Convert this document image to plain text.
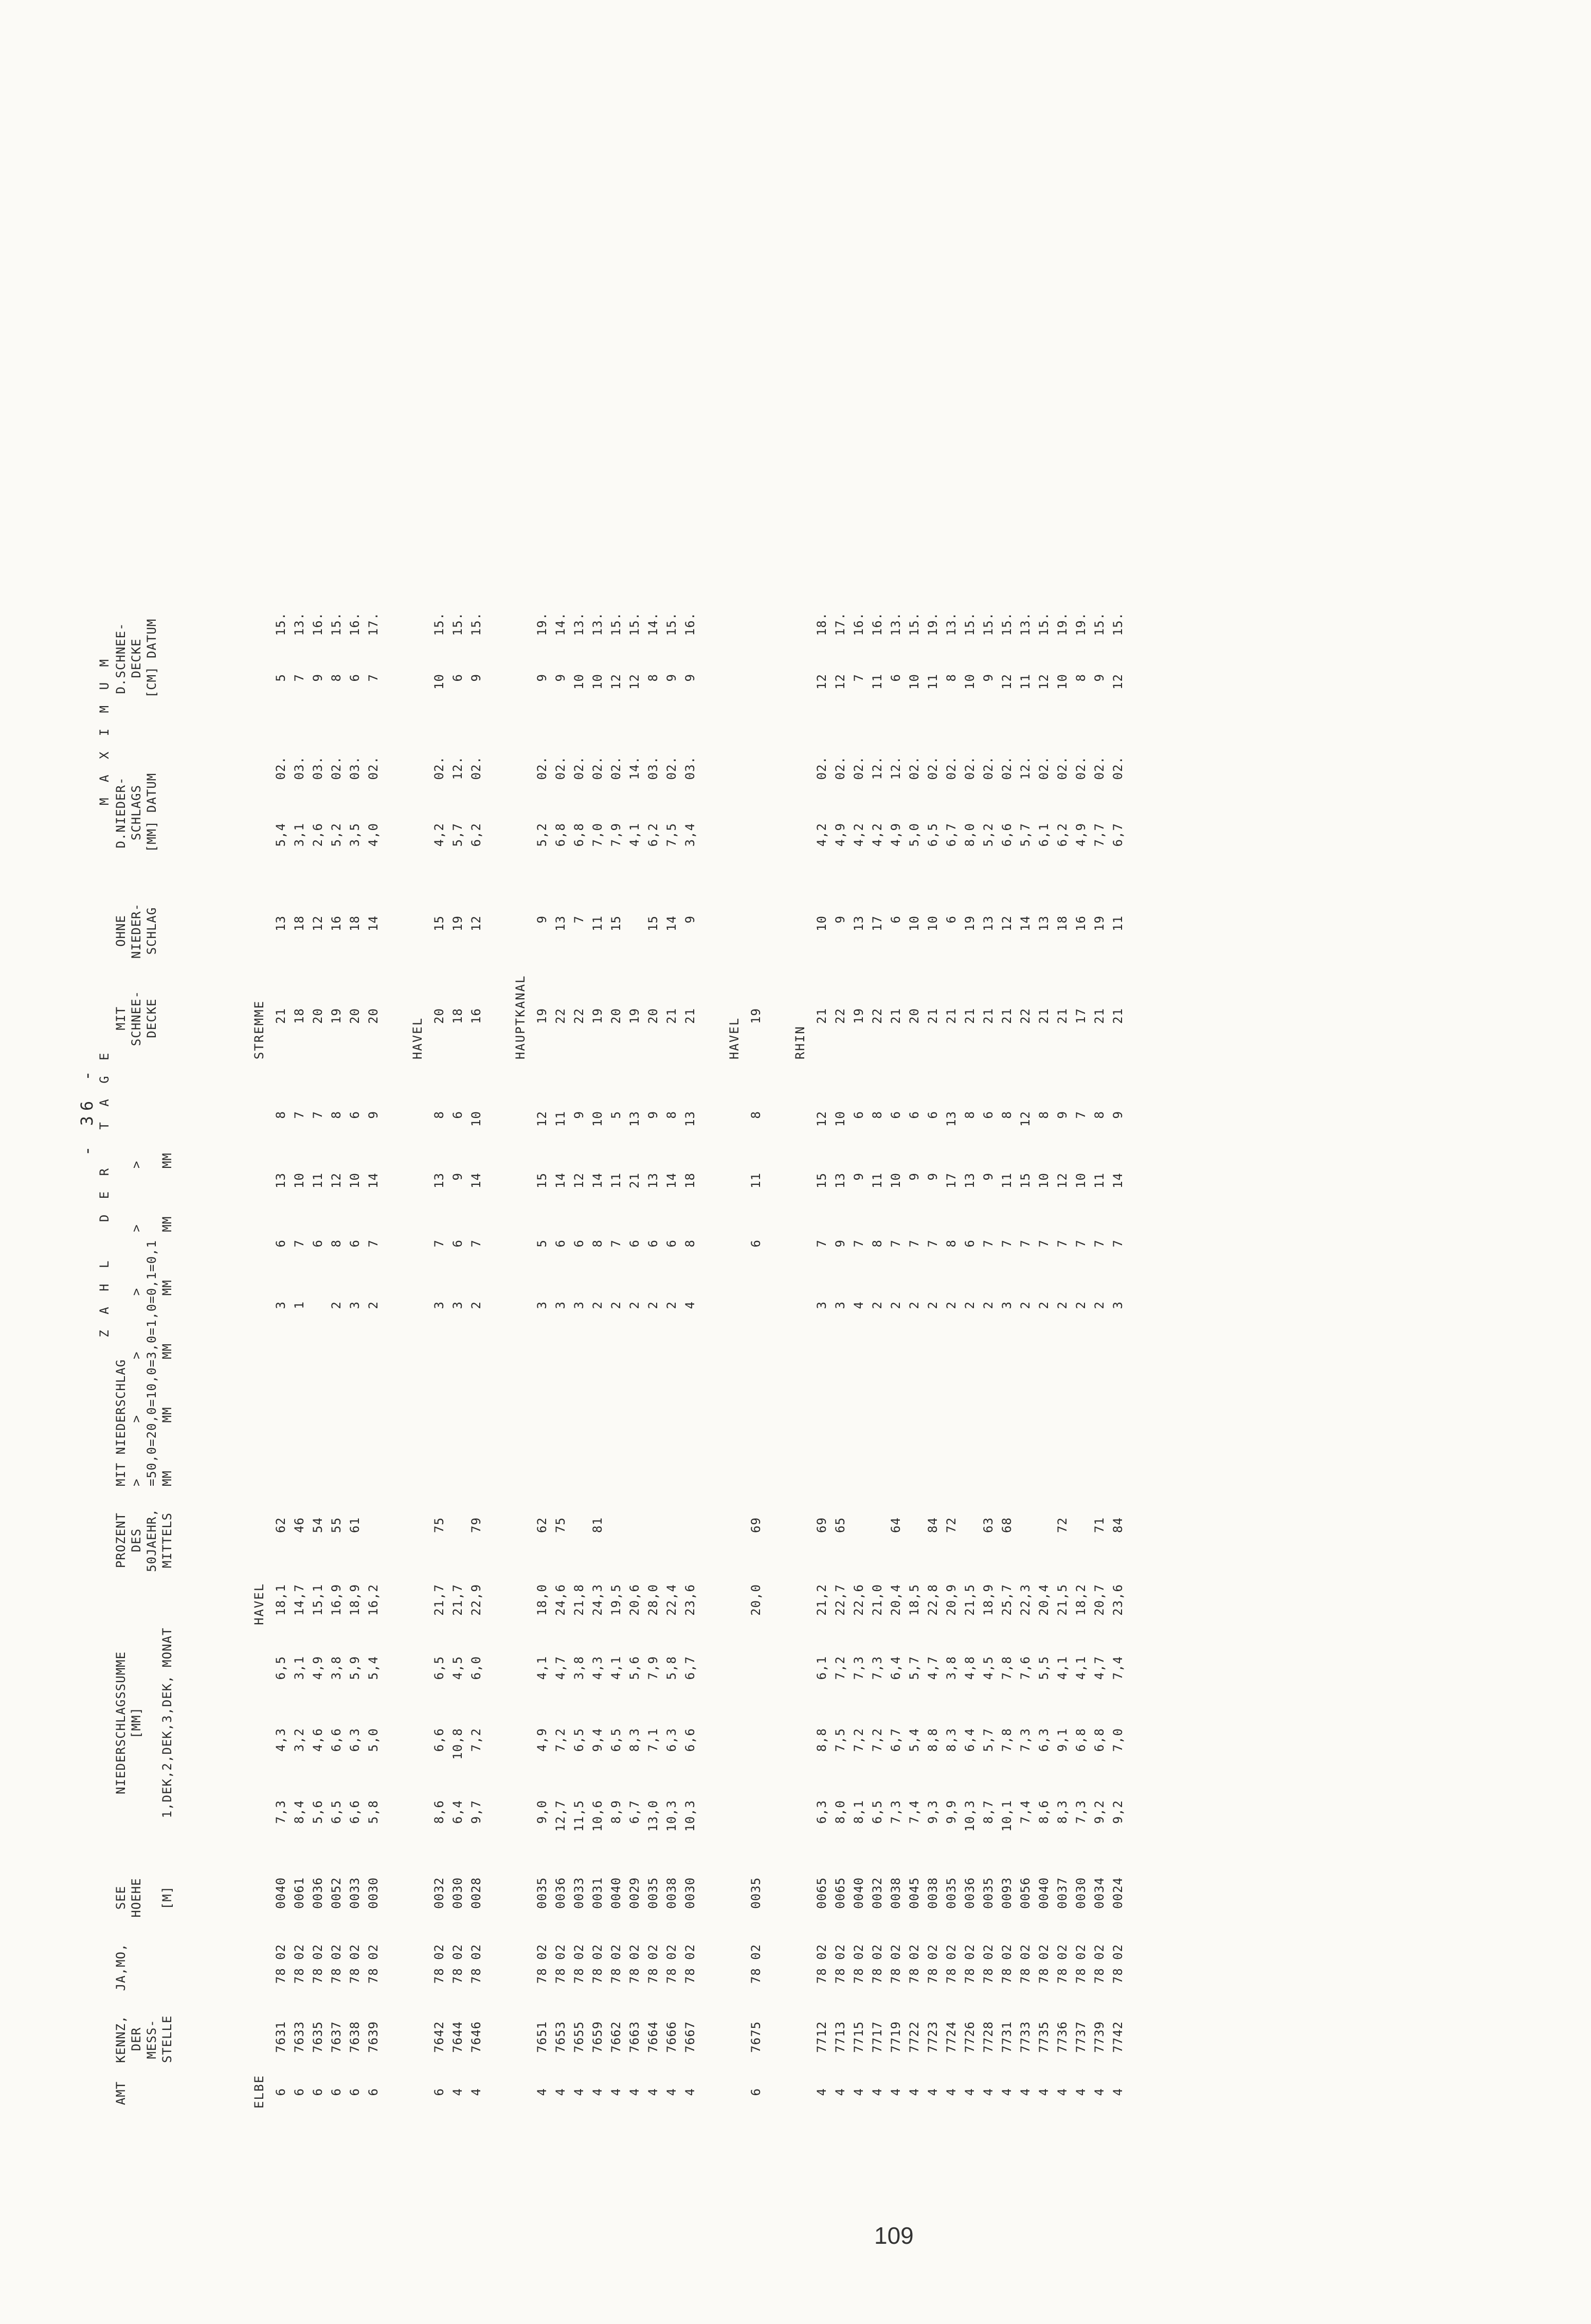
- 36 -
AMT
KENNZ,
DER
MESS-
STELLE
JA,MO,
SEE
HOEHE

[M]
NIEDERSCHLAGSSUMME
[MM]

1,DEK,2,DEK,3,DEK, MONAT
PROZENT
DES
50JAEHR,
MITTELS
Z A H L   D E R   T A G E
MIT NIEDERSCHLAG
>       >       >       >       >       >
=50,0=20,0=10,0=3,0=1,0=0,1=0,1
MM      MM      MM      MM      MM      MM
MIT
SCHNEE-
DECKE
OHNE
NIEDER-
SCHLAG
M A X I M U M
D.NIEDER-
SCHLAGS
[MM] DATUM
D.SCHNEE-
DECKE
[CM] DATUM
ELBE
HAVEL
STREMME
6
7631
78 02
0040
7,3
4,3
6,5
18,1
62
3
6
13
8
21
13
5,4
02.
5
15.
6
7633
78 02
0061
8,4
3,2
3,1
14,7
46
1
7
10
7
18
18
3,1
03.
7
13.
6
7635
78 02
0036
5,6
4,6
4,9
15,1
54
6
11
7
20
12
2,6
03.
9
16.
6
7637
78 02
0052
6,5
6,6
3,8
16,9
55
2
8
12
8
19
16
5,2
02.
8
15.
6
7638
78 02
0033
6,6
6,3
5,9
18,9
61
3
6
10
6
20
18
3,5
03.
6
16.
6
7639
78 02
0030
5,8
5,0
5,4
16,2
2
7
14
9
20
14
4,0
02.
7
17.
HAVEL
6
7642
78 02
0032
8,6
6,6
6,5
21,7
75
3
7
13
8
20
15
4,2
02.
10
15.
4
7644
78 02
0030
6,4
10,8
4,5
21,7
3
6
9
6
18
19
5,7
12.
6
15.
4
7646
78 02
0028
9,7
7,2
6,0
22,9
79
2
7
14
10
16
12
6,2
02.
9
15.
HAUPTKANAL
4
7651
78 02
0035
9,0
4,9
4,1
18,0
62
3
5
15
12
19
9
5,2
02.
9
19.
4
7653
78 02
0036
12,7
7,2
4,7
24,6
75
3
6
14
11
22
13
6,8
02.
9
14.
4
7655
78 02
0033
11,5
6,5
3,8
21,8
3
6
12
9
22
7
6,8
02.
10
13.
4
7659
78 02
0031
10,6
9,4
4,3
24,3
81
2
8
14
10
19
11
7,0
02.
10
13.
4
7662
78 02
0040
8,9
6,5
4,1
19,5
2
7
11
5
20
15
7,9
02.
12
15.
4
7663
78 02
0029
6,7
8,3
5,6
20,6
2
6
21
13
19
4,1
14.
12
15.
4
7664
78 02
0035
13,0
7,1
7,9
28,0
2
6
13
9
20
15
6,2
03.
8
14.
4
7666
78 02
0038
10,3
6,3
5,8
22,4
2
6
14
8
21
14
7,5
02.
9
15.
4
7667
78 02
0030
10,3
6,6
6,7
23,6
4
8
18
13
21
9
3,4
03.
9
16.
HAVEL
6
7675
78 02
0035
20,0
69
6
11
8
19
RHIN
4
7712
78 02
0065
6,3
8,8
6,1
21,2
69
3
7
15
12
21
10
4,2
02.
12
18.
4
7713
78 02
0065
8,0
7,5
7,2
22,7
65
3
9
13
10
22
9
4,9
02.
12
17.
4
7715
78 02
0040
8,1
7,2
7,3
22,6
4
7
9
6
19
13
4,2
02.
7
16.
4
7717
78 02
0032
6,5
7,2
7,3
21,0
2
8
11
8
22
17
4,2
12.
11
16.
4
7719
78 02
0038
7,3
6,7
6,4
20,4
64
2
7
10
6
21
6
4,9
12.
6
13.
4
7722
78 02
0045
7,4
5,4
5,7
18,5
2
7
9
6
20
10
5,0
02.
10
15.
4
7723
78 02
0038
9,3
8,8
4,7
22,8
84
2
7
9
6
21
10
6,5
02.
11
19.
4
7724
78 02
0035
9,9
8,3
3,8
20,9
72
2
8
17
13
21
6
6,7
02.
8
13.
4
7726
78 02
0036
10,3
6,4
4,8
21,5
2
6
13
8
21
19
8,0
02.
10
15.
4
7728
78 02
0035
8,7
5,7
4,5
18,9
63
2
7
9
6
21
13
5,2
02.
9
15.
4
7731
78 02
0093
10,1
7,8
7,8
25,7
68
3
7
11
8
21
12
6,6
02.
12
15.
4
7733
78 02
0056
7,4
7,3
7,6
22,3
2
7
15
12
22
14
5,7
12.
11
13.
4
7735
78 02
0040
8,6
6,3
5,5
20,4
2
7
10
8
21
13
6,1
02.
12
15.
4
7736
78 02
0037
8,3
9,1
4,1
21,5
72
2
7
12
9
21
18
6,2
02.
10
19.
4
7737
78 02
0030
7,3
6,8
4,1
18,2
2
7
10
7
17
16
4,9
02.
8
19.
4
7739
78 02
0034
9,2
6,8
4,7
20,7
71
2
7
11
8
21
19
7,7
02.
9
15.
4
7742
78 02
0024
9,2
7,0
7,4
23,6
84
3
7
14
9
21
11
6,7
02.
12
15.
109
